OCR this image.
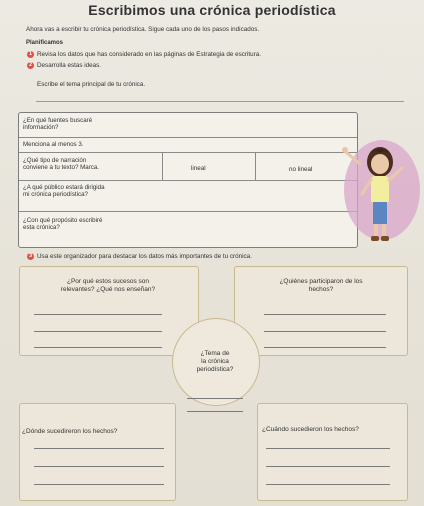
Escribimos una crónica periodística
Ahora vas a escribir tu crónica periodística. Sigue cada uno de los pasos indicados.
Planificamos
1 Revisa los datos que has considerado en las páginas de Estrategia de escritura.
2 Desarrolla estas ideas.
Escribe el tema principal de tu crónica.
¿En qué fuentes buscaré
información?
Menciona al menos 3.
¿Qué tipo de narración
conviene a tu texto? Marca.	lineal	no lineal
¿A qué público estará dirigida
mi crónica periodística?
¿Con qué propósito escribiré
esta crónica?
3 Usa este organizador para destacar los datos más importantes de tu crónica.
¿Por qué estos sucesos son
relevantes? ¿Qué nos enseñan?
¿Quiénes participaron de los
hechos?
¿Tema de
la crónica
periodística?
¿Dónde sucedireron los hechos?	¿Cuándo sucedieron los hechos?
